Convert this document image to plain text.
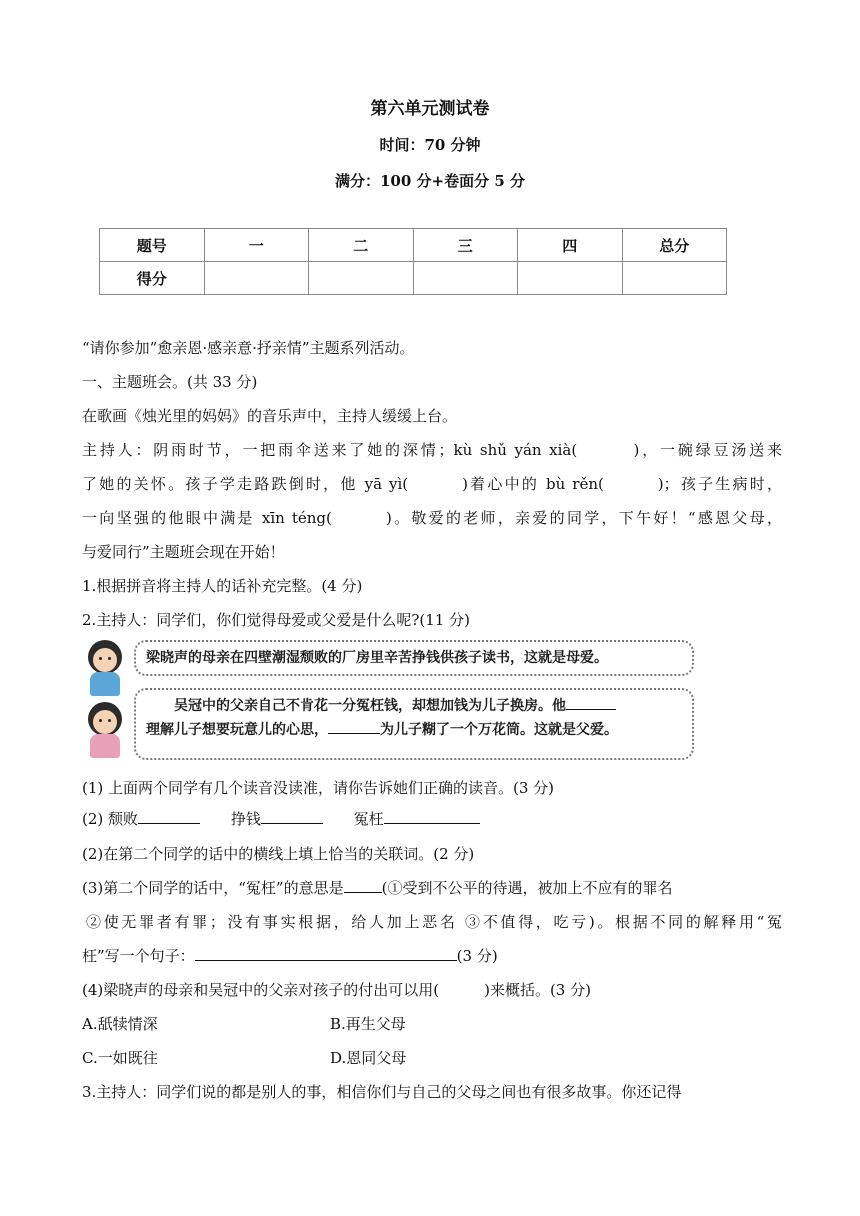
第六单元测试卷
时间：70 分钟
满分：100 分+卷面分 5 分
题号	一	二	三	四	总分
得分					
“请你参加”愈亲恩·感亲意·抒亲情”主题系列活动。
一、主题班会。(共 33 分)
在歌画《烛光里的妈妈》的音乐声中，主持人缓缓上台。
主持人：阴雨时节，一把雨伞送来了她的深情；kù shǔ yán xià(　　　)，一碗绿豆汤送来
了她的关怀。孩子学走路跌倒时，他 yā yì(　　　)着心中的 bù rěn(　　　)；孩子生病时，
一向坚强的他眼中满是 xīn téng(　　　)。敬爱的老师，亲爱的同学，下午好！“感恩父母，
与爱同行”主题班会现在开始！
1.根据拼音将主持人的话补充完整。(4 分)
2.主持人：同学们，你们觉得母爱或父爱是什么呢?(11 分)
梁晓声的母亲在四壁潮湿颓败的厂房里辛苦挣钱供孩子读书，这就是母爱。
吴冠中的父亲自己不肯花一分冤枉钱，却想加钱为儿子换房。他
理解儿子想要玩意儿的心思，	为儿子糊了一个万花筒。这就是父爱。
(1) 上面两个同学有几个读音没读准，请你告诉她们正确的读音。(3 分)
(2) 颓败	挣钱	冤枉
(2)在第二个同学的话中的横线上填上恰当的关联词。(2 分)
(3)第二个同学的话中，“冤枉”的意思是	(①受到不公平的待遇，被加上不应有的罪名
②使无罪者有罪；没有事实根据，给人加上恶名 ③不值得，吃亏)。根据不同的解释用“冤
枉”写一个句子：	(3 分)
(4)梁晓声的母亲和吴冠中的父亲对孩子的付出可以用(　　　)来概括。(3 分)
A.舐犊情深	B.再生父母
C.一如既往	D.恩同父母
3.主持人：同学们说的都是别人的事，相信你们与自己的父母之间也有很多故事。你还记得
